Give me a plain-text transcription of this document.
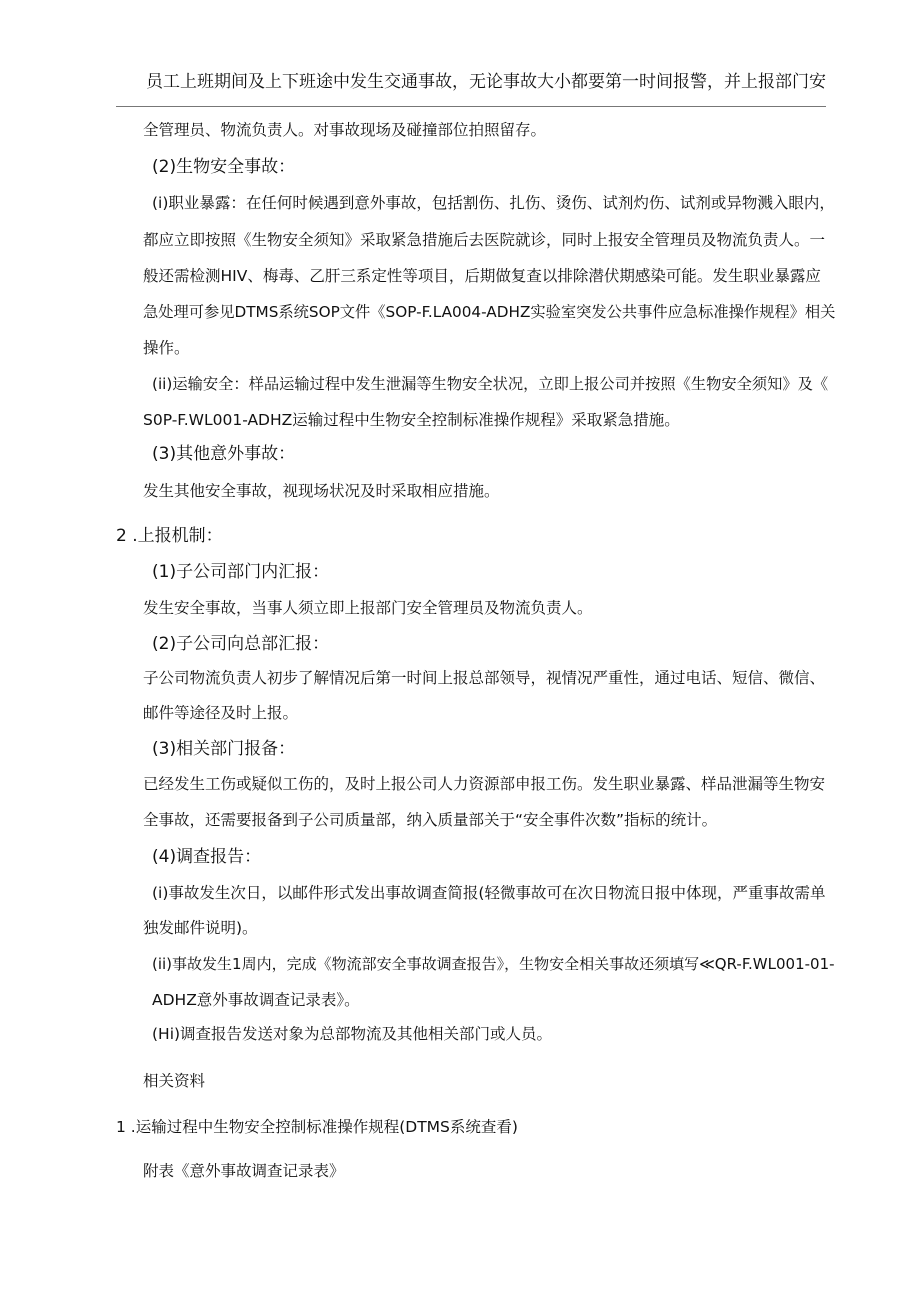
员工上班期间及上下班途中发生交通事故，无论事故大小都要第一时间报警，并上报部门安
全管理员、物流负责人。对事故现场及碰撞部位拍照留存。
(2)生物安全事故：
(i)职业暴露：在任何时候遇到意外事故，包括割伤、扎伤、烫伤、试剂灼伤、试剂或异物溅入眼内，
都应立即按照《生物安全须知》采取紧急措施后去医院就诊，同时上报安全管理员及物流负责人。一
般还需检测HIV、梅毒、乙肝三系定性等项目，后期做复查以排除潜伏期感染可能。发生职业暴露应
急处理可参见DTMS系统SOP文件《SOP-F.LA004-ADHZ实验室突发公共事件应急标准操作规程》相关
操作。
(ii)运输安全：样品运输过程中发生泄漏等生物安全状况，立即上报公司并按照《生物安全须知》及《
S0P-F.WL001-ADHZ运输过程中生物安全控制标准操作规程》采取紧急措施。
(3)其他意外事故：
发生其他安全事故，视现场状况及时采取相应措施。
2 .上报机制：
(1)子公司部门内汇报：
发生安全事故，当事人须立即上报部门安全管理员及物流负责人。
(2)子公司向总部汇报：
子公司物流负责人初步了解情况后第一时间上报总部领导，视情况严重性，通过电话、短信、微信、
邮件等途径及时上报。
(3)相关部门报备：
已经发生工伤或疑似工伤的，及时上报公司人力资源部申报工伤。发生职业暴露、样品泄漏等生物安
全事故，还需要报备到子公司质量部，纳入质量部关于“安全事件次数”指标的统计。
(4)调查报告：
(i)事故发生次日，以邮件形式发出事故调查简报(轻微事故可在次日物流日报中体现，严重事故需单
独发邮件说明)。
(ii)事故发生1周内，完成《物流部安全事故调查报告》，生物安全相关事故还须填写≪QR-F.WL001-01-
ADHZ意外事故调查记录表》。
(Hi)调查报告发送对象为总部物流及其他相关部门或人员。
相关资料
1 .运输过程中生物安全控制标准操作规程(DTMS系统查看)
附表《意外事故调查记录表》
